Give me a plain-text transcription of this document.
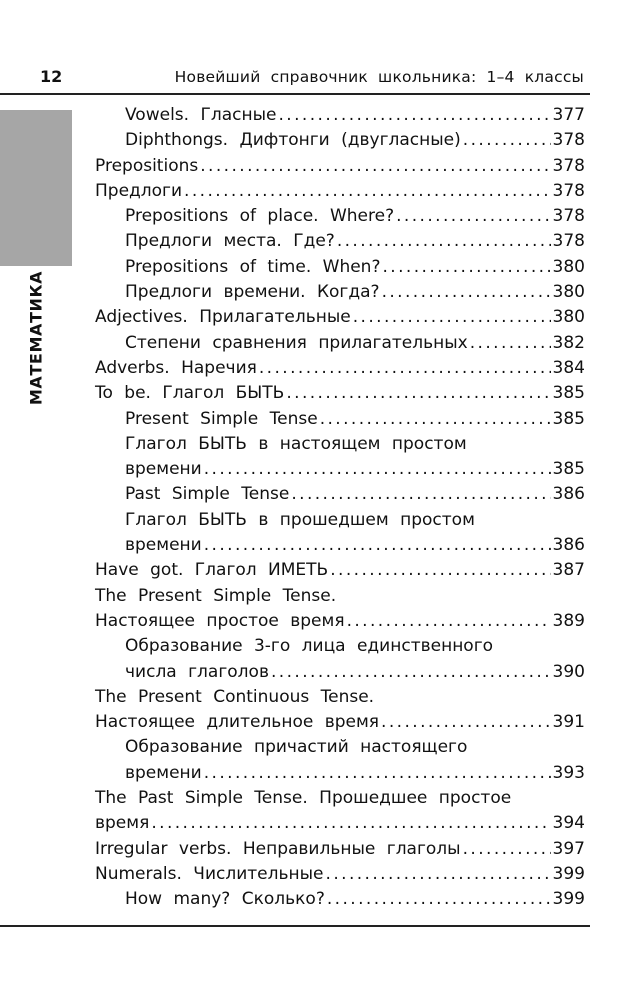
12	Новейший справочник школьника: 1–4 классы
МАТЕМАТИКА
Vowels. Гласные . . .	377
Diphthongs. Дифтонги (двугласные) . . .	378
Prepositions . . .	378
Предлоги . . .	378
Prepositions of place. Where? . . .	378
Предлоги места. Где? . . .	378
Prepositions of time. When? . . .	380
Предлоги времени. Когда? . . .	380
Adjectives. Прилагательные . . .	380
Степени сравнения прилагательных . . .	382
Adverbs. Наречия . . .	384
To be. Глагол БЫТЬ . . .	385
Present Simple Tense . . .	385
Глагол БЫТЬ в настоящем простом
времени . . .	385
Past Simple Tense . . .	386
Глагол БЫТЬ в прошедшем простом
времени . . .	386
Have got. Глагол ИМЕТЬ . . .	387
The Present Simple Tense.
Настоящее простое время . . .	389
Образование 3-го лица единственного
числа глаголов . . .	390
The Present Continuous Tense.
Настоящее длительное время . . .	391
Образование причастий настоящего
времени . . .	393
The Past Simple Tense. Прошедшее простое
время . . .	394
Irregular verbs. Неправильные глаголы . . .	397
Numerals. Числительные . . .	399
How many? Сколько? . . .	399
